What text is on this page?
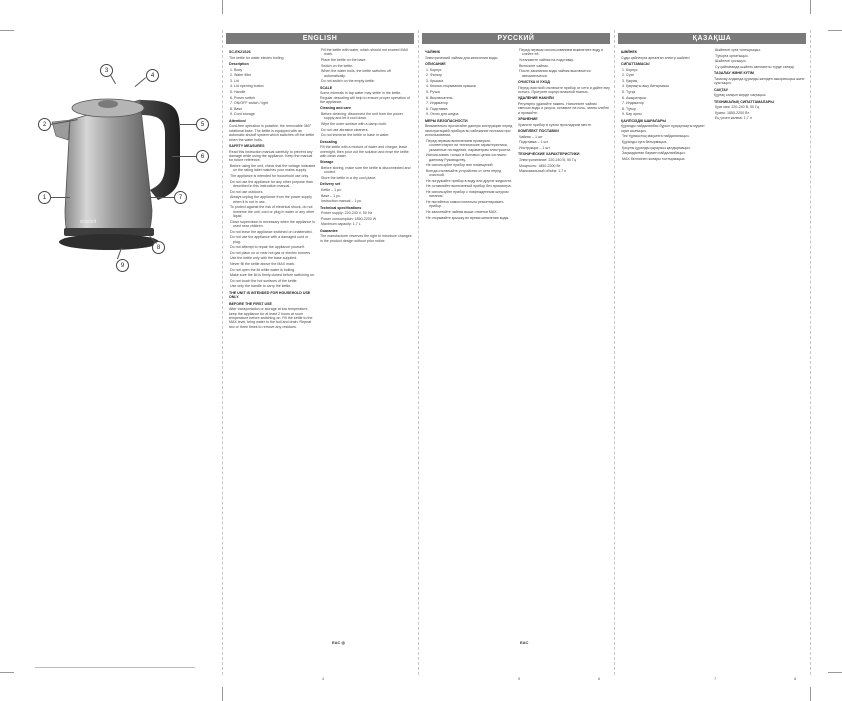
scarlett
3
4
2	5
6
1	7
8
9
ENGLISH	РУССКИЙ	ҚАЗАҚША

SC-EK21S26

The kettle for water electric boiling

Description

1. Body

2. Water filter

3. Lid

4. Lid opening button

5. Handle

6. Power switch

7. ON/OFF switch / light

8. Base

9. Cord storage

Attention!

Cord-free operation is possible, the removable 360° rotational base. The kettle is equipped with an automatic shutoff system which switches off the kettle when the water boils.

SAFETY MEASURES

Read this instruction manual carefully to prevent any damage while using the appliance. Keep the manual for future reference.

Before using the unit, check that the voltage indicated on the rating label matches your mains supply.

The appliance is intended for household use only.

Do not use the appliance for any other purpose than described in this instruction manual.

Do not use outdoors.

Always unplug the appliance from the power supply when it is not in use.

To protect against the risk of electrical shock, do not immerse the unit, cord or plug in water or any other liquid.

Close supervision is necessary when the appliance is used near children.

Do not leave the appliance switched on unattended.

Do not use the appliance with a damaged cord or plug.

Do not attempt to repair the appliance yourself.

Do not place on or near hot gas or electric burners.

Use the kettle only with the base supplied.

Never fill the kettle above the MAX mark.

Do not open the lid while water is boiling.

Make sure the lid is firmly closed before switching on.

Do not touch the hot surfaces of the kettle.

Use only the handle to carry the kettle.

THE UNIT IS INTENDED FOR HOUSEHOLD USE ONLY

BEFORE THE FIRST USE

After transportation or storage at low temperature, keep the appliance for at least 2 hours at room temperature before switching on. Fill the kettle to the MAX level, bring water to the boil and drain. Repeat two or three times to remove any residues.

Fill the kettle with water, which should not exceed MAX mark.

Place the kettle on the base.

Switch on the kettle.

When the water boils, the kettle switches off automatically.

Do not switch on the empty kettle.

SCALE

Some minerals in tap water may settle in the kettle. Regular descaling will help to ensure proper operation of the appliance.

Cleaning and care

Before cleaning, disconnect the unit from the power supply and let it cool down.

Wipe the outer surface with a damp cloth.

Do not use abrasive cleaners.

Do not immerse the kettle or base in water.

Descaling

Fill the kettle with a mixture of water and vinegar, leave overnight, then pour out the solution and rinse the kettle with clean water.

Storage

Before storing, make sure the kettle is disconnected and cooled.

Store the kettle in a dry cool place.

Delivery set

Kettle – 1 pc.

Base – 1 pc.

Instruction manual – 1 pc.

Technical specifications

Power supply: 220-240 V, 50 Hz

Power consumption: 1850-2200 W

Maximum capacity: 1.7 L

Guarantee

The manufacturer reserves the right to introduce changes in the product design without prior notice.

EAC ◎

ЧАЙНИК

Электрический чайник для кипячения воды

ОПИСАНИЕ

1. Корпус

2. Фильтр

3. Крышка

4. Кнопка открывания крышки

5. Ручка

6. Выключатель

7. Индикатор

8. Подставка

9. Отсек для шнура

МЕРЫ БЕЗОПАСНОСТИ

Внимательно прочитайте данную инструкцию перед эксплуатацией прибора во избежание поломок при использовании.

Перед первым включением проверьте, соответствуют ли технические характеристики, указанные на изделии, параметрам электросети.

Использовать только в бытовых целях согласно данному Руководству.

Не используйте прибор вне помещений.

Всегда отключайте устройство от сети перед очисткой.

Не погружайте прибор в воду или другие жидкости.

Не оставляйте включенный прибор без присмотра.

Не используйте прибор с поврежденным шнуром питания.

Не пытайтесь самостоятельно ремонтировать прибор.

Не заполняйте чайник выше отметки MAX.

Не открывайте крышку во время кипячения воды.

Перед первым использованием вскипятите воду и слейте её.

Установите чайник на подставку.

Включите чайник.

После закипания воды чайник выключится автоматически.

ОЧИСТКА И УХОД

Перед очисткой отключите прибор от сети и дайте ему остыть. Протрите корпус влажной тканью.

УДАЛЕНИЕ НАКИПИ

Регулярно удаляйте накипь. Наполните чайник смесью воды и уксуса, оставьте на ночь, затем слейте и промойте.

ХРАНЕНИЕ

Храните прибор в сухом прохладном месте.

КОМПЛЕКТ ПОСТАВКИ

Чайник – 1 шт.

Подставка – 1 шт.

Инструкция – 1 шт.

ТЕХНИЧЕСКИЕ ХАРАКТЕРИСТИКИ

Электропитание: 220-240 В, 50 Гц

Мощность: 1850-2200 Вт

Максимальный объём: 1,7 л

EAC

ШӘЙНЕК

Суды қайнатуға арналған электр шәйнегі

СИПАТТАМАСЫ

1. Корпус

2. Сүзгі

3. Қақпақ

4. Қақпақты ашу батырмасы

5. Тұтқа

6. Ажыратқыш

7. Индикатор

8. Тұғыр

9. Бау орны

ҚАУІПСІЗДІК ШАРАЛАРЫ

Құралды пайдаланбас бұрын нұсқаулықты мұқият оқып шығыңыз.

Тек тұрмыстық мақсатта пайдаланыңыз.

Құралды суға батырмаңыз.

Қосулы құралды қараусыз қалдырмаңыз.

Зақымдалған баумен пайдаланбаңыз.

MAX белгісінен жоғары толтырмаңыз.

Шәйнекті суға толтырыңыз.

Тұғырға орнатыңыз.

Шәйнекті қосыңыз.

Су қайнағанда шәйнек автоматты түрде сөнеді.

ТАЗАЛАУ ЖӘНЕ КҮТІМ

Тазалау алдында құралды желіден ажыратыңыз және суытыңыз.

САҚТАУ

Құрғақ салқын жерде сақтаңыз.

ТЕХНИКАЛЫҚ СИПАТТАМАЛАРЫ

Қуат көзі: 220-240 В, 50 Гц

Қуаты: 1850-2200 Вт

Ең үлкен көлемі: 1,7 л

4	5	6	7	8
